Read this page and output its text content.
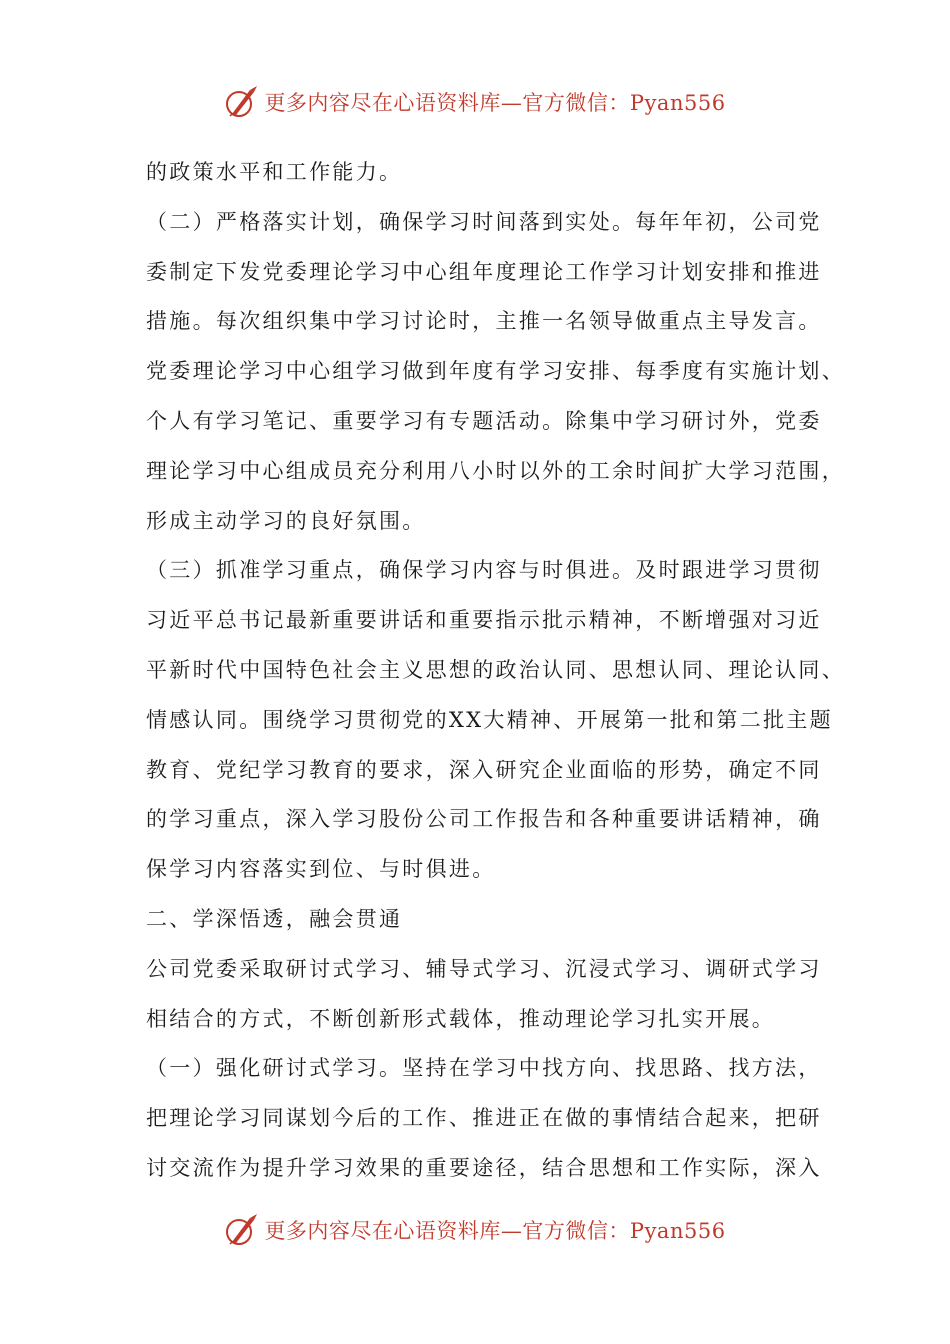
更多内容尽在心语资料库—官方微信：Pyan556
的政策水平和工作能力。
（二）严格落实计划，确保学习时间落到实处。每年年初，公司党
委制定下发党委理论学习中心组年度理论工作学习计划安排和推进
措施。每次组织集中学习讨论时，主推一名领导做重点主导发言。
党委理论学习中心组学习做到年度有学习安排、每季度有实施计划、
个人有学习笔记、重要学习有专题活动。除集中学习研讨外，党委
理论学习中心组成员充分利用八小时以外的工余时间扩大学习范围，
形成主动学习的良好氛围。
（三）抓准学习重点，确保学习内容与时俱进。及时跟进学习贯彻
习近平总书记最新重要讲话和重要指示批示精神，不断增强对习近
平新时代中国特色社会主义思想的政治认同、思想认同、理论认同、
情感认同。围绕学习贯彻党的XX大精神、开展第一批和第二批主题
教育、党纪学习教育的要求，深入研究企业面临的形势，确定不同
的学习重点，深入学习股份公司工作报告和各种重要讲话精神，确
保学习内容落实到位、与时俱进。
二、学深悟透，融会贯通
公司党委采取研讨式学习、辅导式学习、沉浸式学习、调研式学习
相结合的方式，不断创新形式载体，推动理论学习扎实开展。
（一）强化研讨式学习。坚持在学习中找方向、找思路、找方法，
把理论学习同谋划今后的工作、推进正在做的事情结合起来，把研
讨交流作为提升学习效果的重要途径，结合思想和工作实际，深入
更多内容尽在心语资料库—官方微信：Pyan556
